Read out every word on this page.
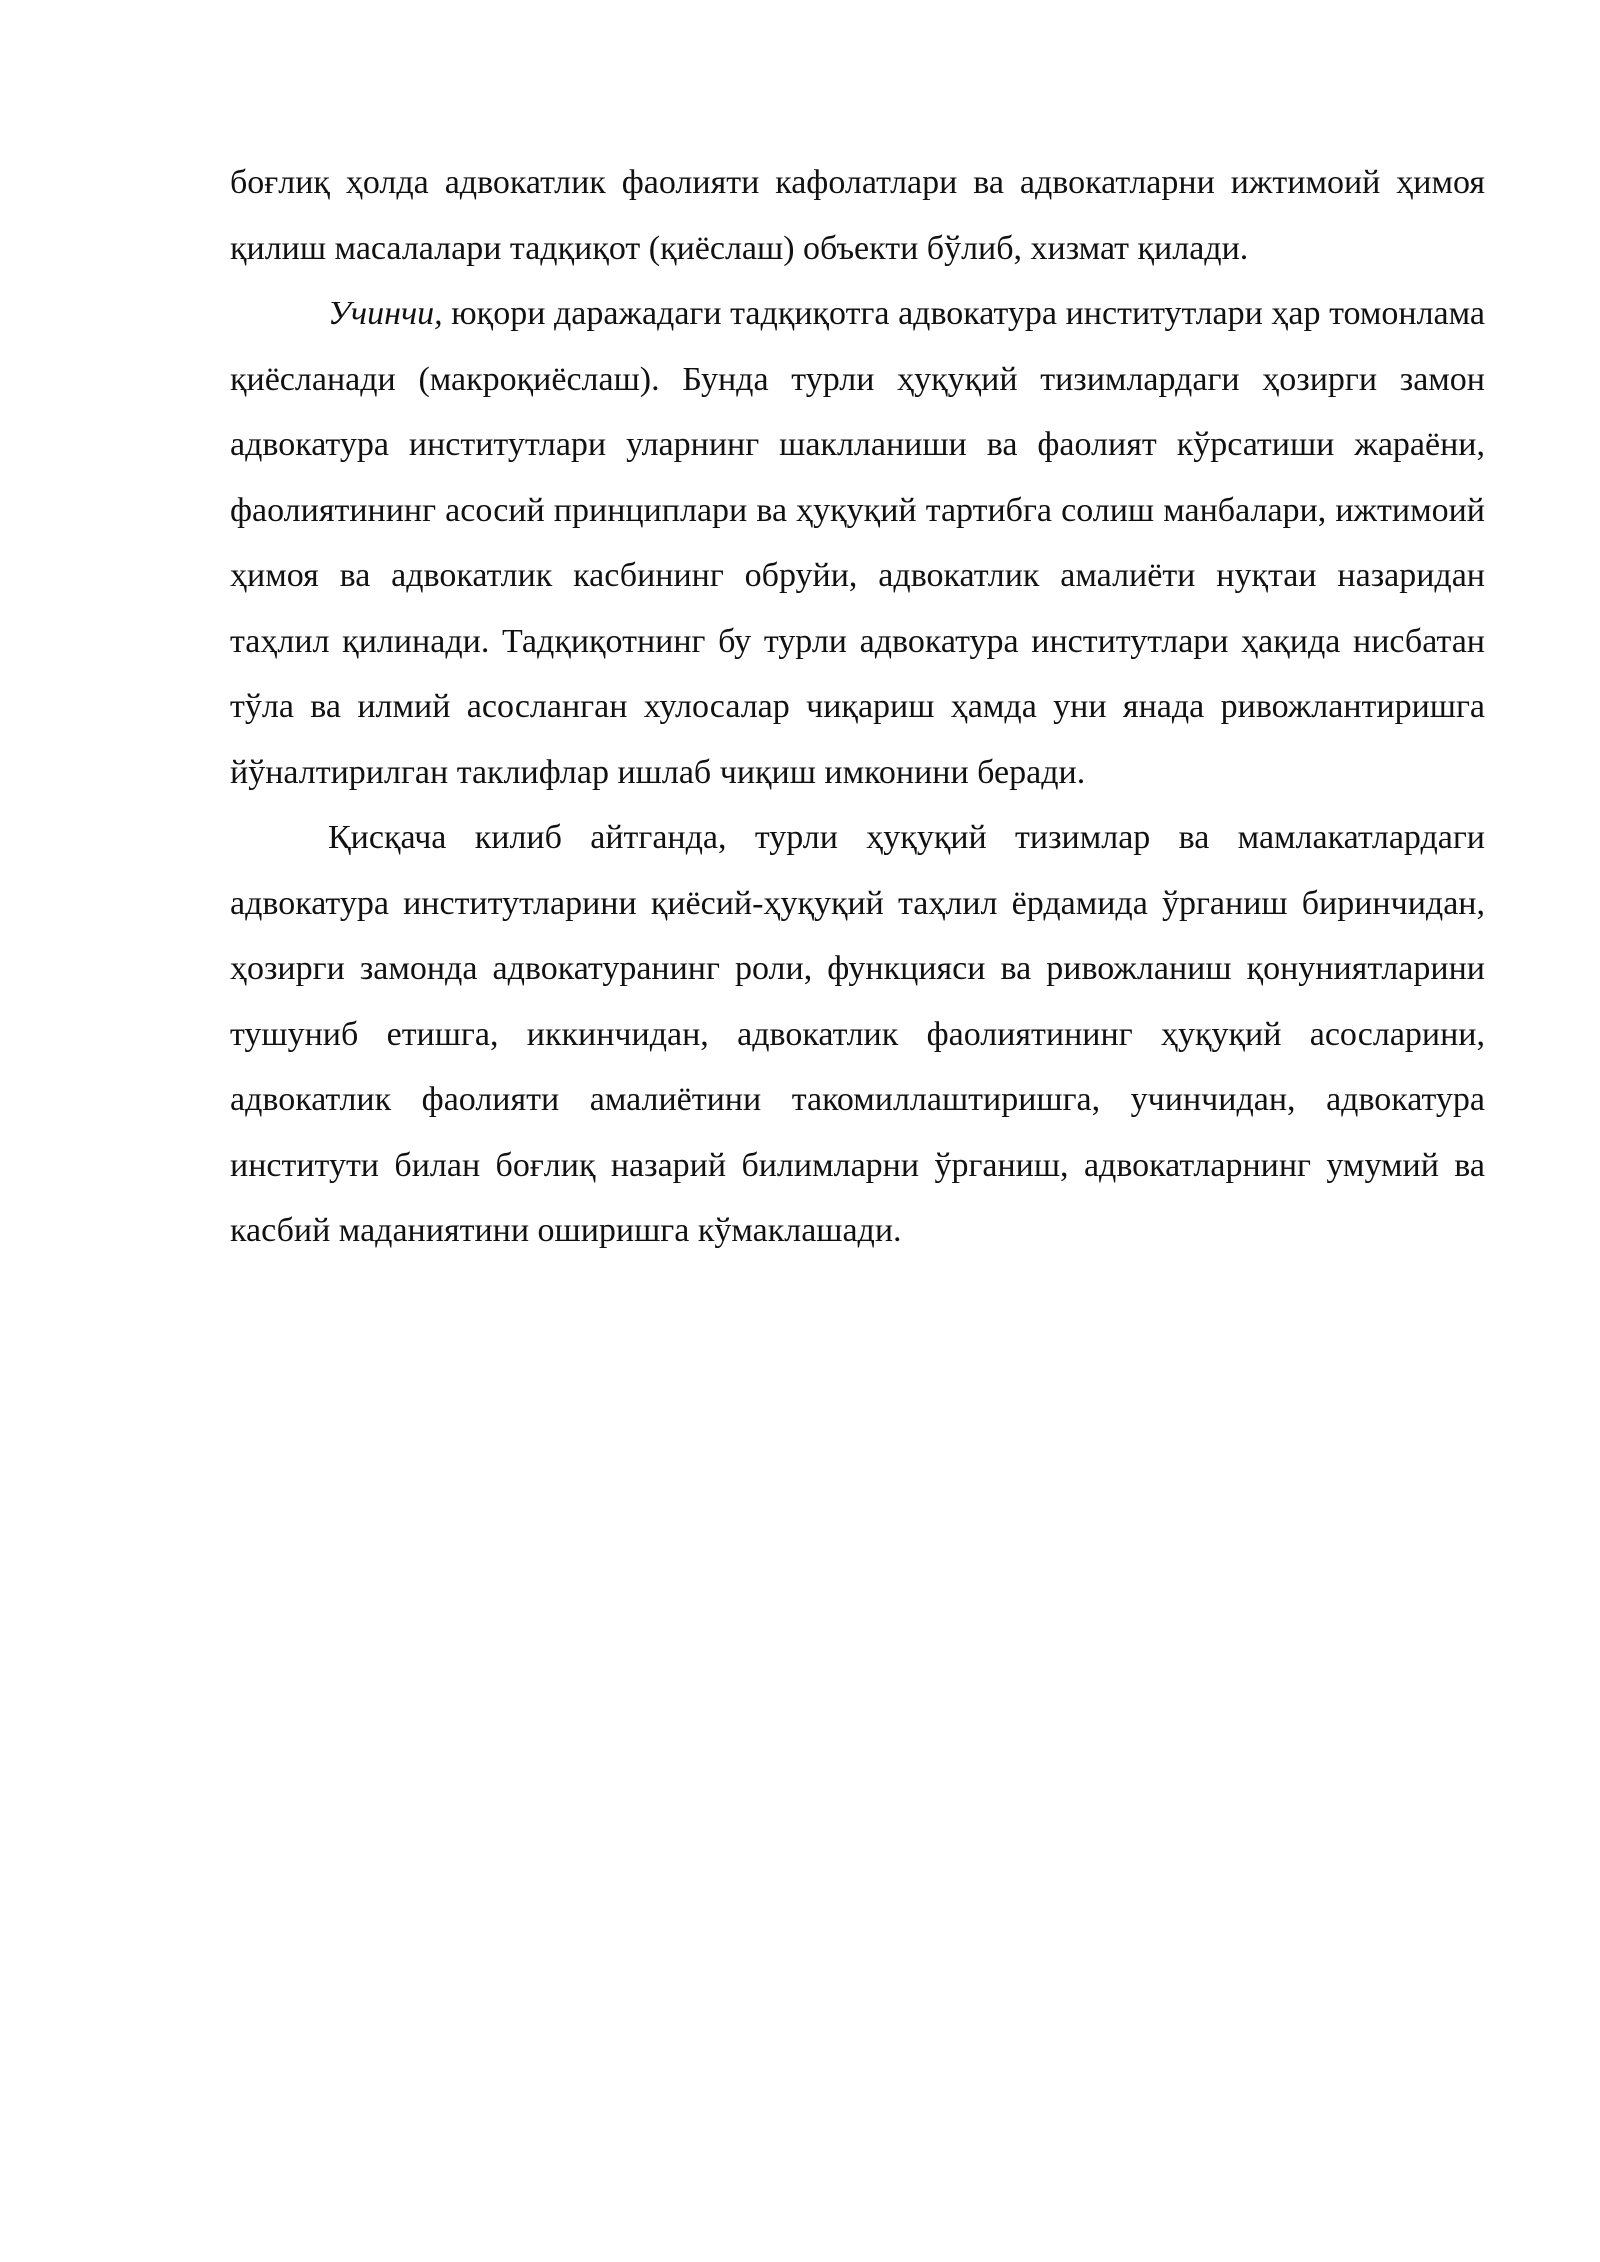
боғлиқ ҳолда адвокатлик фаолияти кафолатлари ва адвокатларни ижтимоий ҳимоя қилиш масалалари тадқиқот (қиёслаш) объекти бўлиб, хизмат қилади.

Учинчи, юқори даражадаги тадқиқотга адвокатура институтлари ҳар томонлама қиёсланади (макроқиёслаш). Бунда турли ҳуқуқий тизимлардаги ҳозирги замон адвокатура институтлари уларнинг шаклланиши ва фаолият кўрсатиши жараёни, фаолиятининг асосий принциплари ва ҳуқуқий тартибга солиш манбалари, ижтимоий ҳимоя ва адвокатлик касбининг обруйи, адвокатлик амалиёти нуқтаи назаридан таҳлил қилинади. Тадқиқотнинг бу турли адвокатура институтлари ҳақида нисбатан тўла ва илмий асосланган хулосалар чиқариш ҳамда уни янада ривожлантиришга йўналтирилган таклифлар ишлаб чиқиш имконини беради.

Қисқача килиб айтганда, турли ҳуқуқий тизимлар ва мамлакатлардаги адвокатура институтларини қиёсий-ҳуқуқий таҳлил ёрдамида ўрганиш биринчидан, ҳозирги замонда адвокатуранинг роли, функцияси ва ривожланиш қонуниятларини тушуниб етишга, иккинчидан, адвокатлик фаолиятининг ҳуқуқий асосларини, адвокатлик фаолияти амалиётини такомиллаштиришга, учинчидан, адвокатура институти билан боғлиқ назарий билимларни ўрганиш, адвокатларнинг умумий ва касбий маданиятини оширишга кўмаклашади.
